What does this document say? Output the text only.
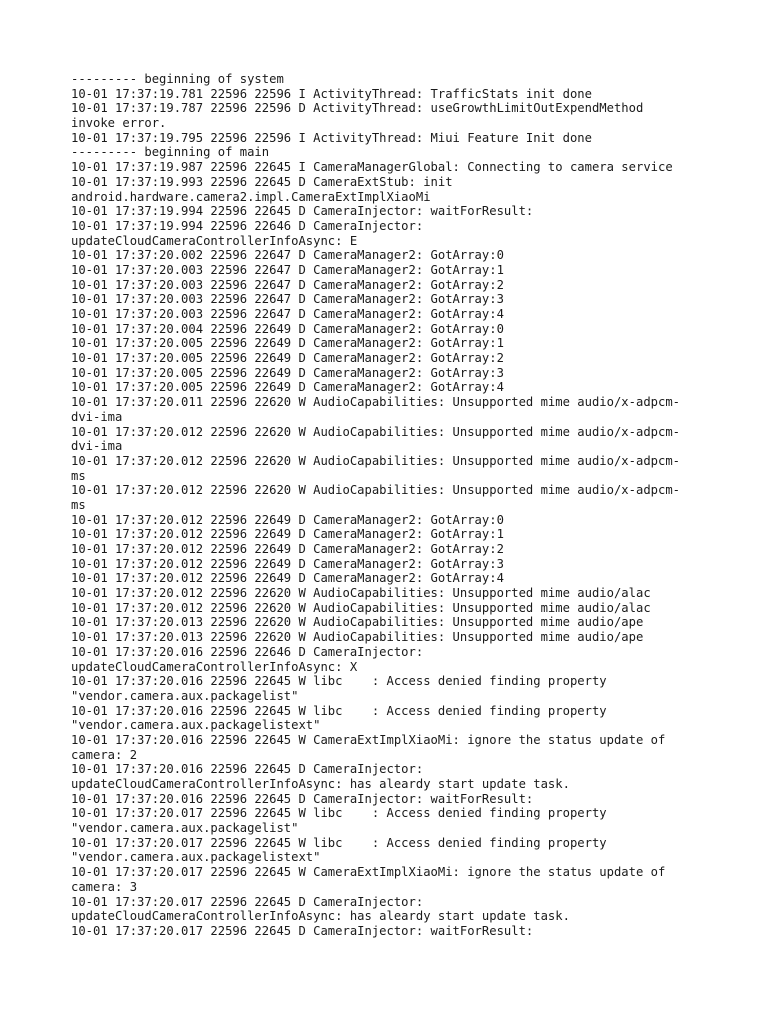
--------- beginning of system
10-01 17:37:19.781 22596 22596 I ActivityThread: TrafficStats init done
10-01 17:37:19.787 22596 22596 D ActivityThread: useGrowthLimitOutExpendMethod
invoke error.
10-01 17:37:19.795 22596 22596 I ActivityThread: Miui Feature Init done
--------- beginning of main
10-01 17:37:19.987 22596 22645 I CameraManagerGlobal: Connecting to camera service
10-01 17:37:19.993 22596 22645 D CameraExtStub: init
android.hardware.camera2.impl.CameraExtImplXiaoMi
10-01 17:37:19.994 22596 22645 D CameraInjector: waitForResult:
10-01 17:37:19.994 22596 22646 D CameraInjector:
updateCloudCameraControllerInfoAsync: E
10-01 17:37:20.002 22596 22647 D CameraManager2: GotArray:0
10-01 17:37:20.003 22596 22647 D CameraManager2: GotArray:1
10-01 17:37:20.003 22596 22647 D CameraManager2: GotArray:2
10-01 17:37:20.003 22596 22647 D CameraManager2: GotArray:3
10-01 17:37:20.003 22596 22647 D CameraManager2: GotArray:4
10-01 17:37:20.004 22596 22649 D CameraManager2: GotArray:0
10-01 17:37:20.005 22596 22649 D CameraManager2: GotArray:1
10-01 17:37:20.005 22596 22649 D CameraManager2: GotArray:2
10-01 17:37:20.005 22596 22649 D CameraManager2: GotArray:3
10-01 17:37:20.005 22596 22649 D CameraManager2: GotArray:4
10-01 17:37:20.011 22596 22620 W AudioCapabilities: Unsupported mime audio/x-adpcm-
dvi-ima
10-01 17:37:20.012 22596 22620 W AudioCapabilities: Unsupported mime audio/x-adpcm-
dvi-ima
10-01 17:37:20.012 22596 22620 W AudioCapabilities: Unsupported mime audio/x-adpcm-
ms
10-01 17:37:20.012 22596 22620 W AudioCapabilities: Unsupported mime audio/x-adpcm-
ms
10-01 17:37:20.012 22596 22649 D CameraManager2: GotArray:0
10-01 17:37:20.012 22596 22649 D CameraManager2: GotArray:1
10-01 17:37:20.012 22596 22649 D CameraManager2: GotArray:2
10-01 17:37:20.012 22596 22649 D CameraManager2: GotArray:3
10-01 17:37:20.012 22596 22649 D CameraManager2: GotArray:4
10-01 17:37:20.012 22596 22620 W AudioCapabilities: Unsupported mime audio/alac
10-01 17:37:20.012 22596 22620 W AudioCapabilities: Unsupported mime audio/alac
10-01 17:37:20.013 22596 22620 W AudioCapabilities: Unsupported mime audio/ape
10-01 17:37:20.013 22596 22620 W AudioCapabilities: Unsupported mime audio/ape
10-01 17:37:20.016 22596 22646 D CameraInjector:
updateCloudCameraControllerInfoAsync: X
10-01 17:37:20.016 22596 22645 W libc    : Access denied finding property
"vendor.camera.aux.packagelist"
10-01 17:37:20.016 22596 22645 W libc    : Access denied finding property
"vendor.camera.aux.packagelistext"
10-01 17:37:20.016 22596 22645 W CameraExtImplXiaoMi: ignore the status update of
camera: 2
10-01 17:37:20.016 22596 22645 D CameraInjector:
updateCloudCameraControllerInfoAsync: has aleardy start update task.
10-01 17:37:20.016 22596 22645 D CameraInjector: waitForResult:
10-01 17:37:20.017 22596 22645 W libc    : Access denied finding property
"vendor.camera.aux.packagelist"
10-01 17:37:20.017 22596 22645 W libc    : Access denied finding property
"vendor.camera.aux.packagelistext"
10-01 17:37:20.017 22596 22645 W CameraExtImplXiaoMi: ignore the status update of
camera: 3
10-01 17:37:20.017 22596 22645 D CameraInjector:
updateCloudCameraControllerInfoAsync: has aleardy start update task.
10-01 17:37:20.017 22596 22645 D CameraInjector: waitForResult:
